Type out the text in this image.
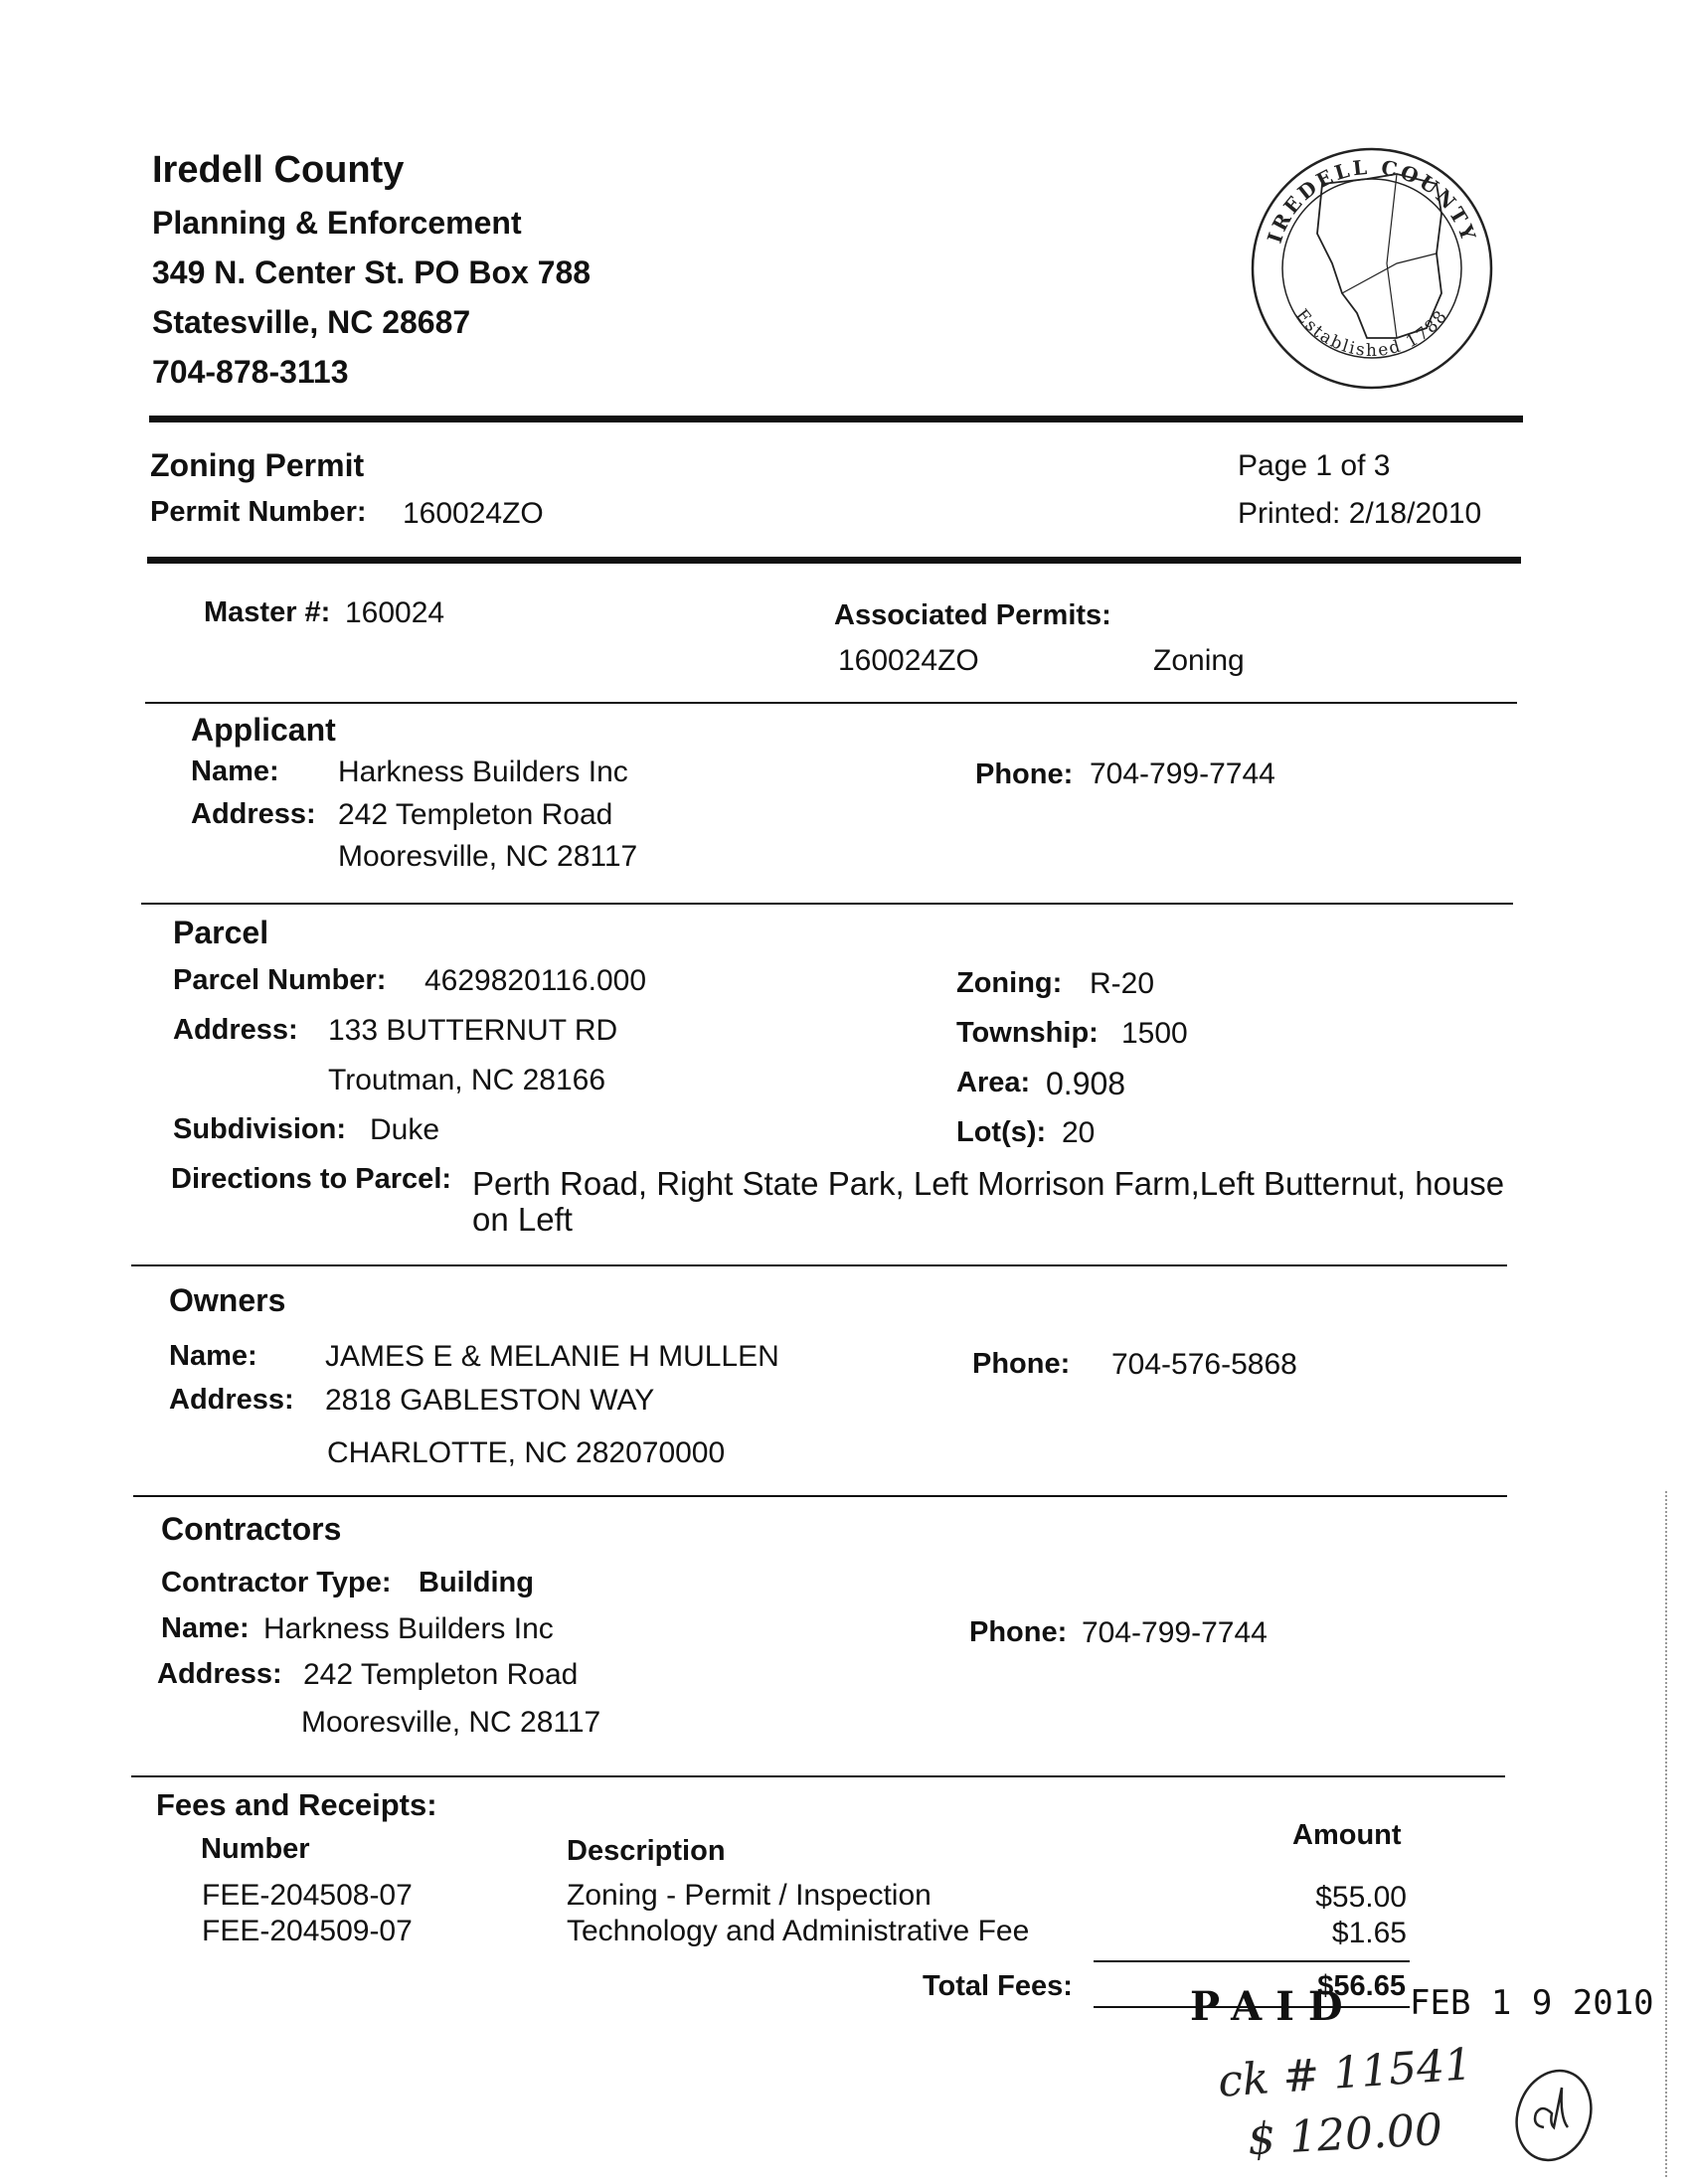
Iredell County
Planning & Enforcement
349 N. Center St. PO Box 788
Statesville, NC 28687
704-878-3113
IREDELL COUNTY
Established 1788
Zoning Permit
Permit Number: 160024ZO
Page 1 of 3
Printed: 2/18/2010
Master #: 160024	Associated Permits:
160024ZO	Zoning
Applicant
Name: Harkness Builders Inc
Address: 242 Templeton Road
Mooresville, NC 28117
Phone: 704-799-7744
Parcel
Parcel Number: 4629820116.000
Address: 133 BUTTERNUT RD
Troutman, NC 28166
Subdivision: Duke
Zoning: R-20
Township: 1500
Area: 0.908
Lot(s): 20
Directions to Parcel: Perth Road, Right State Park, Left Morrison Farm,Left Butternut, house
on Left
Owners
Name: JAMES E & MELANIE H MULLEN
Address: 2818 GABLESTON WAY
CHARLOTTE, NC 282070000
Phone: 704-576-5868
Contractors
Contractor Type: Building
Name: Harkness Builders Inc
Address: 242 Templeton Road
Mooresville, NC 28117
Phone: 704-799-7744
Fees and Receipts:
Number	Description	Amount
FEE-204508-07	Zoning - Permit / Inspection	$55.00
FEE-204509-07	Technology and Administrative Fee	$1.65
Total Fees:	$56.65
PAID FEB 1 9 2010
ck # 11541
$ 120.00
